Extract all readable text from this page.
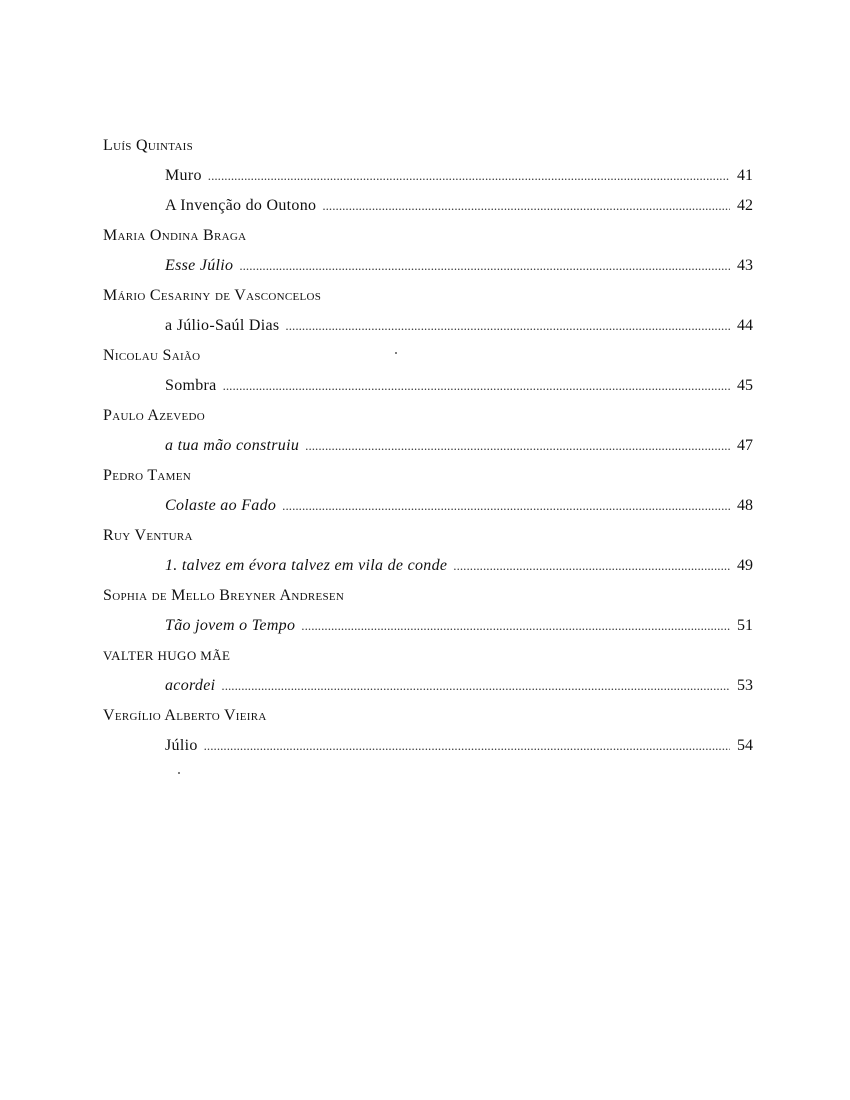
Luís Quintais
Muro . . .	41
A Invenção do Outono . . .	42
Maria Ondina Braga
Esse Júlio . . .	43
Mário Cesariny de Vasconcelos
a Júlio-Saúl Dias . . .	44
Nicolau Saião
Sombra . . .	45
Paulo Azevedo
a tua mão construiu . . .	47
Pedro Tamen
Colaste ao Fado . . .	48
Ruy Ventura
1. talvez em évora talvez em vila de conde . . .	49
Sophia de Mello Breyner Andresen
Tão jovem o Tempo . . .	51
VALTER HUGO MÃE
acordei . . .	53
Vergílio Alberto Vieira
Júlio . . .	54
